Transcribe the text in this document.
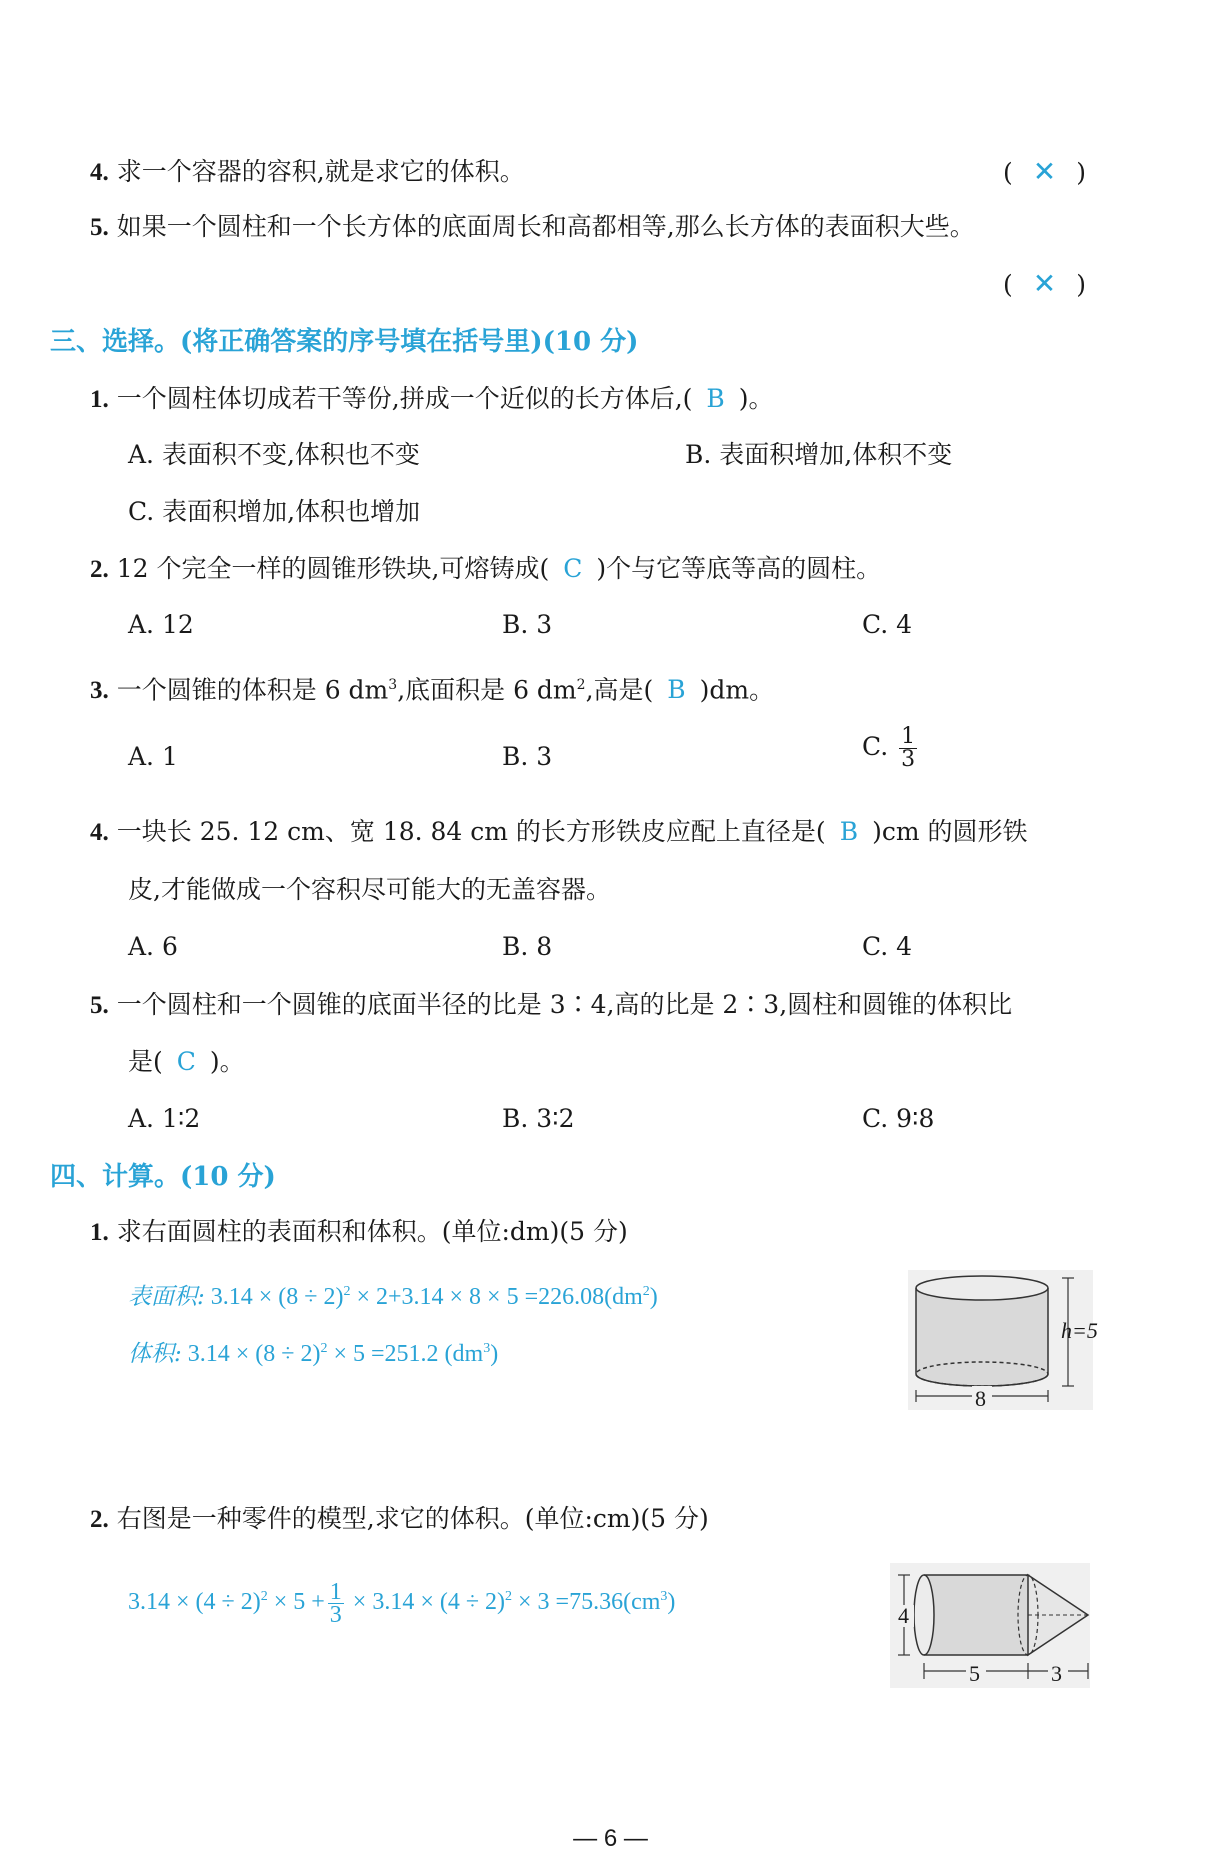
4. 求一个容器的容积,就是求它的体积。	( ✕ )
5. 如果一个圆柱和一个长方体的底面周长和高都相等,那么长方体的表面积大些。
( ✕ )
三、选择。(将正确答案的序号填在括号里)(10 分)
1. 一个圆柱体切成若干等份,拼成一个近似的长方体后,( B )。
A. 表面积不变,体积也不变	B. 表面积增加,体积不变
C. 表面积增加,体积也增加
2. 12 个完全一样的圆锥形铁块,可熔铸成( C )个与它等底等高的圆柱。
A. 12	B. 3	C. 4
3. 一个圆锥的体积是 6 $dm^3$,底面积是 6 $dm^2$,高是( B )dm。
A. 1	B. 3	C. $\frac{1}{3}$
4. 一块长 25. 12 cm、宽 18. 84 cm 的长方形铁皮应配上直径是( B )cm 的圆形铁
皮,才能做成一个容积尽可能大的无盖容器。
A. 6	B. 8	C. 4
5. 一个圆柱和一个圆锥的底面半径的比是 3∶4,高的比是 2∶3,圆柱和圆锥的体积比
是( C )。
A. 1∶2	B. 3∶2	C. 9∶8
四、计算。(10 分)
1. 求右面圆柱的表面积和体积。(单位:dm)(5 分)
表面积: $3.14 \times (8 \div 2)^2 \times 2+3.14 \times 8 \times 5 =226.08(dm^2)$
体积: $3.14 \times (8 \div 2)^2 \times 5 =251.2$ $(dm^3)$
h=5
8
2. 右图是一种零件的模型,求它的体积。(单位:cm)(5 分)
$3.14 \times (4 \div 2)^2 \times 5 + \frac{1}{3} \times 3.14 \times (4 \div 2)^2 \times 3 =75.36(cm^3)$
4
5	3
— 6 —
